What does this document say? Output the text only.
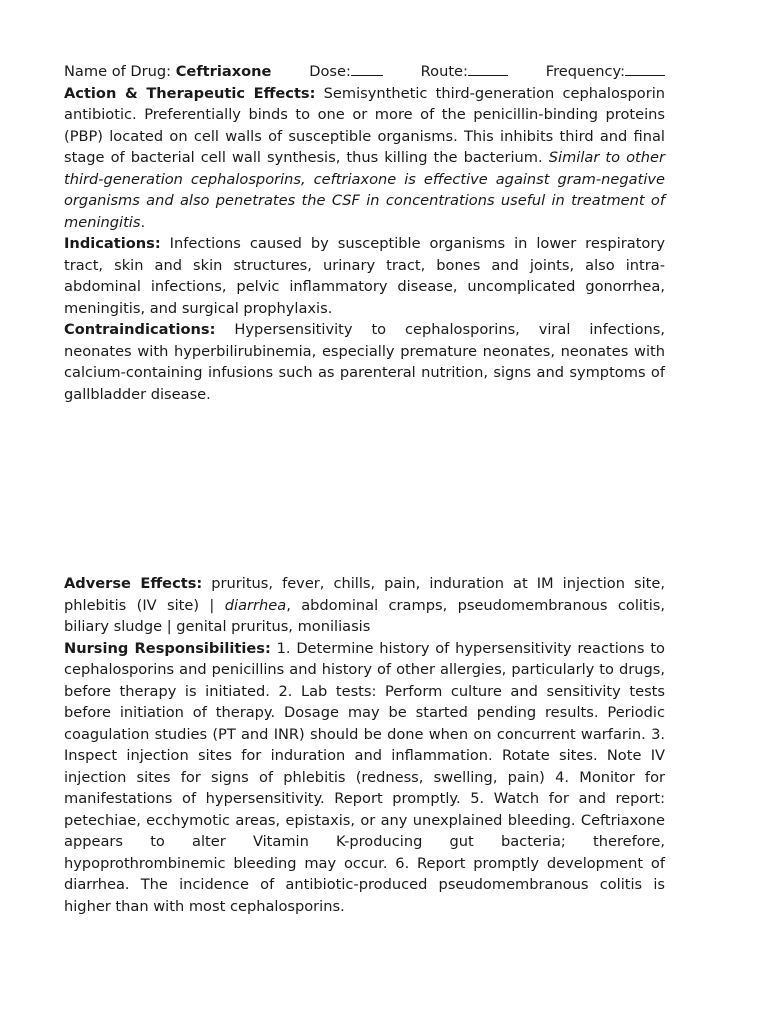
Name of Drug: Ceftriaxone	Dose:	Route:	Frequency:

Action & Therapeutic Effects: Semisynthetic third-generation cephalosporin antibiotic. Preferentially binds to one or more of the penicillin-binding proteins (PBP) located on cell walls of susceptible organisms. This inhibits third and final stage of bacterial cell wall synthesis, thus killing the bacterium. Similar to other third-generation cephalosporins, ceftriaxone is effective against gram-negative organisms and also penetrates the CSF in concentrations useful in treatment of meningitis.

Indications: Infections caused by susceptible organisms in lower respiratory tract, skin and skin structures, urinary tract, bones and joints, also intra-abdominal infections, pelvic inflammatory disease, uncomplicated gonorrhea, meningitis, and surgical prophylaxis.

Contraindications: Hypersensitivity to cephalosporins, viral infections, neonates with hyperbilirubinemia, especially premature neonates, neonates with calcium-containing infusions such as parenteral nutrition, signs and symptoms of gallbladder disease.

Adverse Effects: pruritus, fever, chills, pain, induration at IM injection site, phlebitis (IV site) | diarrhea, abdominal cramps, pseudomembranous colitis, biliary sludge | genital pruritus, moniliasis

Nursing Responsibilities: 1. Determine history of hypersensitivity reactions to cephalosporins and penicillins and history of other allergies, particularly to drugs, before therapy is initiated. 2. Lab tests: Perform culture and sensitivity tests before initiation of therapy. Dosage may be started pending results. Periodic coagulation studies (PT and INR) should be done when on concurrent warfarin. 3. Inspect injection sites for induration and inflammation. Rotate sites. Note IV injection sites for signs of phlebitis (redness, swelling, pain) 4. Monitor for manifestations of hypersensitivity. Report promptly. 5. Watch for and report: petechiae, ecchymotic areas, epistaxis, or any unexplained bleeding. Ceftriaxone appears to alter Vitamin K-producing gut bacteria; therefore, hypoprothrombinemic bleeding may occur. 6. Report promptly development of diarrhea. The incidence of antibiotic-produced pseudomembranous colitis is higher than with most cephalosporins.
